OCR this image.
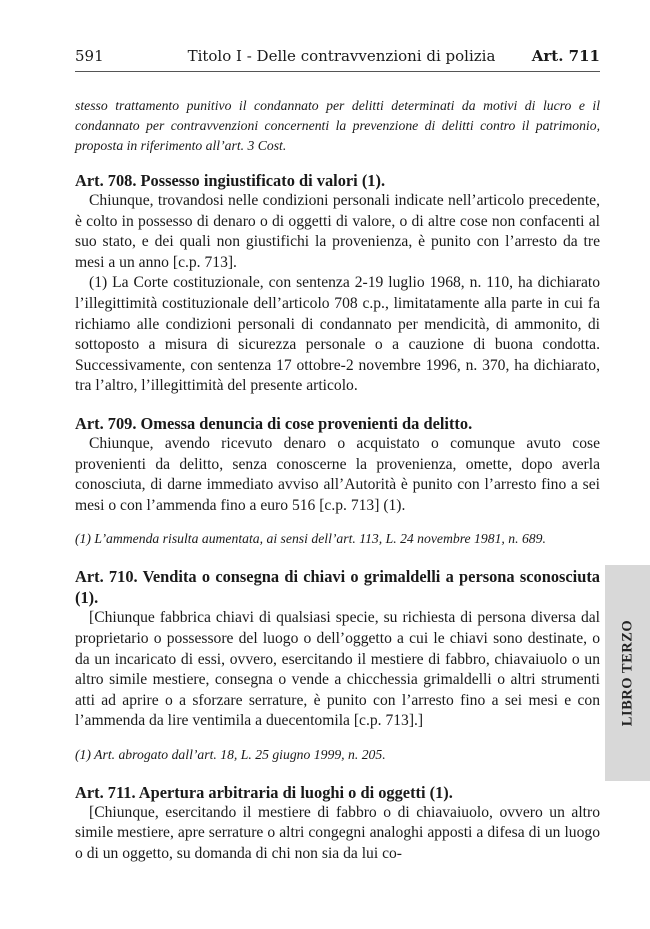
591	Titolo I - Delle contravvenzioni di polizia	Art. 711

stesso trattamento punitivo il condannato per delitti determinati da motivi di lucro e il condannato per contravvenzioni concernenti la prevenzione di delitti contro il patrimonio, proposta in riferimento all’art. 3 Cost.

Art. 708. Possesso ingiustificato di valori (1).

Chiunque, trovandosi nelle condizioni personali indicate nell’articolo precedente, è colto in possesso di denaro o di oggetti di valore, o di altre cose non confacenti al suo stato, e dei quali non giustifichi la provenienza, è punito con l’arresto da tre mesi a un anno [c.p. 713].

(1) La Corte costituzionale, con sentenza 2-19 luglio 1968, n. 110, ha dichiarato l’illegittimità costituzionale dell’articolo 708 c.p., limitatamente alla parte in cui fa richiamo alle condizioni personali di condannato per mendicità, di ammonito, di sottoposto a misura di sicurezza personale o a cauzione di buona condotta. Successivamente, con sentenza 17 ottobre-2 novembre 1996, n. 370, ha dichiarato, tra l’altro, l’illegittimità del presente articolo.

Art. 709. Omessa denuncia di cose provenienti da delitto.

Chiunque, avendo ricevuto denaro o acquistato o comunque avuto cose provenienti da delitto, senza conoscerne la provenienza, omette, dopo averla conosciuta, di darne immediato avviso all’Autorità è punito con l’arresto fino a sei mesi o con l’ammenda fino a euro 516 [c.p. 713] (1).

(1) L’ammenda risulta aumentata, ai sensi dell’art. 113, L. 24 novembre 1981, n. 689.

Art. 710. Vendita o consegna di chiavi o grimaldelli a persona sconosciuta (1).

[Chiunque fabbrica chiavi di qualsiasi specie, su richiesta di persona diversa dal proprietario o possessore del luogo o dell’oggetto a cui le chiavi sono destinate, o da un incaricato di essi, ovvero, esercitando il mestiere di fabbro, chiavaiuolo o un altro simile mestiere, consegna o vende a chicchessia grimaldelli o altri strumenti atti ad aprire o a sforzare serrature, è punito con l’arresto fino a sei mesi e con l’ammenda da lire ventimila a duecentomila [c.p. 713].]

(1) Art. abrogato dall’art. 18, L. 25 giugno 1999, n. 205.

Art. 711. Apertura arbitraria di luoghi o di oggetti (1).

[Chiunque, esercitando il mestiere di fabbro o di chiavaiuolo, ovvero un altro simile mestiere, apre serrature o altri congegni analoghi apposti a difesa di un luogo o di un oggetto, su domanda di chi non sia da lui co-

LIBRO TERZO
